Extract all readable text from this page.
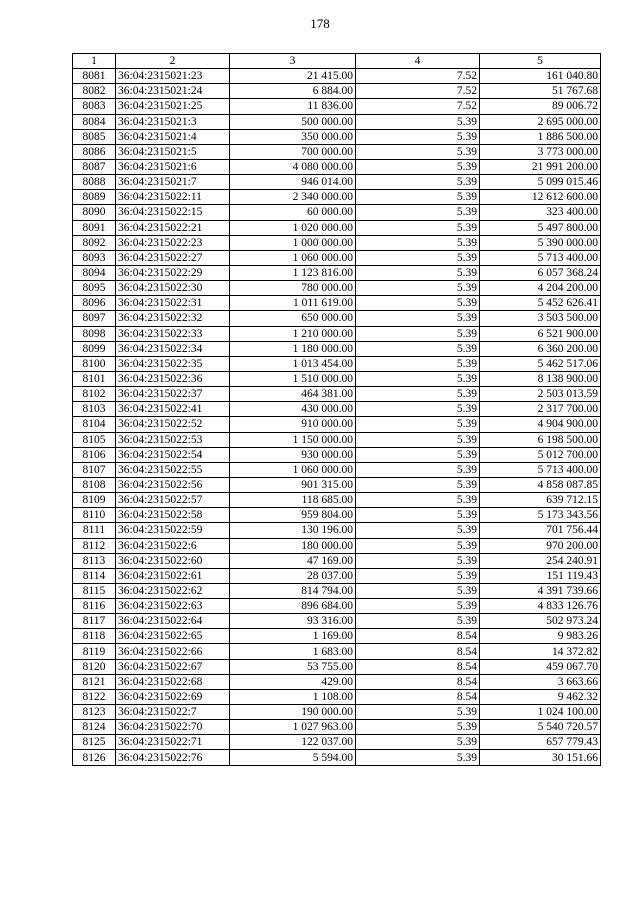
178
1	2	3	4	5
8081	36:04:2315021:23	21 415.00	7.52	161 040.80
8082	36:04:2315021:24	6 884.00	7.52	51 767.68
8083	36:04:2315021:25	11 836.00	7.52	89 006.72
8084	36:04:2315021:3	500 000.00	5.39	2 695 000.00
8085	36:04:2315021:4	350 000.00	5.39	1 886 500.00
8086	36:04:2315021:5	700 000.00	5.39	3 773 000.00
8087	36:04:2315021:6	4 080 000.00	5.39	21 991 200.00
8088	36:04:2315021:7	946 014.00	5.39	5 099 015.46
8089	36:04:2315022:11	2 340 000.00	5.39	12 612 600.00
8090	36:04:2315022:15	60 000.00	5.39	323 400.00
8091	36:04:2315022:21	1 020 000.00	5.39	5 497 800.00
8092	36:04:2315022:23	1 000 000.00	5.39	5 390 000.00
8093	36:04:2315022:27	1 060 000.00	5.39	5 713 400.00
8094	36:04:2315022:29	1 123 816.00	5.39	6 057 368.24
8095	36:04:2315022:30	780 000.00	5.39	4 204 200.00
8096	36:04:2315022:31	1 011 619.00	5.39	5 452 626.41
8097	36:04:2315022:32	650 000.00	5.39	3 503 500.00
8098	36:04:2315022:33	1 210 000.00	5.39	6 521 900.00
8099	36:04:2315022:34	1 180 000.00	5.39	6 360 200.00
8100	36:04:2315022:35	1 013 454.00	5.39	5 462 517.06
8101	36:04:2315022:36	1 510 000.00	5.39	8 138 900.00
8102	36:04:2315022:37	464 381.00	5.39	2 503 013.59
8103	36:04:2315022:41	430 000.00	5.39	2 317 700.00
8104	36:04:2315022:52	910 000.00	5.39	4 904 900.00
8105	36:04:2315022:53	1 150 000.00	5.39	6 198 500.00
8106	36:04:2315022:54	930 000.00	5.39	5 012 700.00
8107	36:04:2315022:55	1 060 000.00	5.39	5 713 400.00
8108	36:04:2315022:56	901 315.00	5.39	4 858 087.85
8109	36:04:2315022:57	118 685.00	5.39	639 712.15
8110	36:04:2315022:58	959 804.00	5.39	5 173 343.56
8111	36:04:2315022:59	130 196.00	5.39	701 756.44
8112	36:04:2315022:6	180 000.00	5.39	970 200.00
8113	36:04:2315022:60	47 169.00	5.39	254 240.91
8114	36:04:2315022:61	28 037.00	5.39	151 119.43
8115	36:04:2315022:62	814 794.00	5.39	4 391 739.66
8116	36:04:2315022:63	896 684.00	5.39	4 833 126.76
8117	36:04:2315022:64	93 316.00	5.39	502 973.24
8118	36:04:2315022:65	1 169.00	8.54	9 983.26
8119	36:04:2315022:66	1 683.00	8.54	14 372.82
8120	36:04:2315022:67	53 755.00	8.54	459 067.70
8121	36:04:2315022:68	429.00	8.54	3 663.66
8122	36:04:2315022:69	1 108.00	8.54	9 462.32
8123	36:04:2315022:7	190 000.00	5.39	1 024 100.00
8124	36:04:2315022:70	1 027 963.00	5.39	5 540 720.57
8125	36:04:2315022:71	122 037.00	5.39	657 779.43
8126	36:04:2315022:76	5 594.00	5.39	30 151.66
